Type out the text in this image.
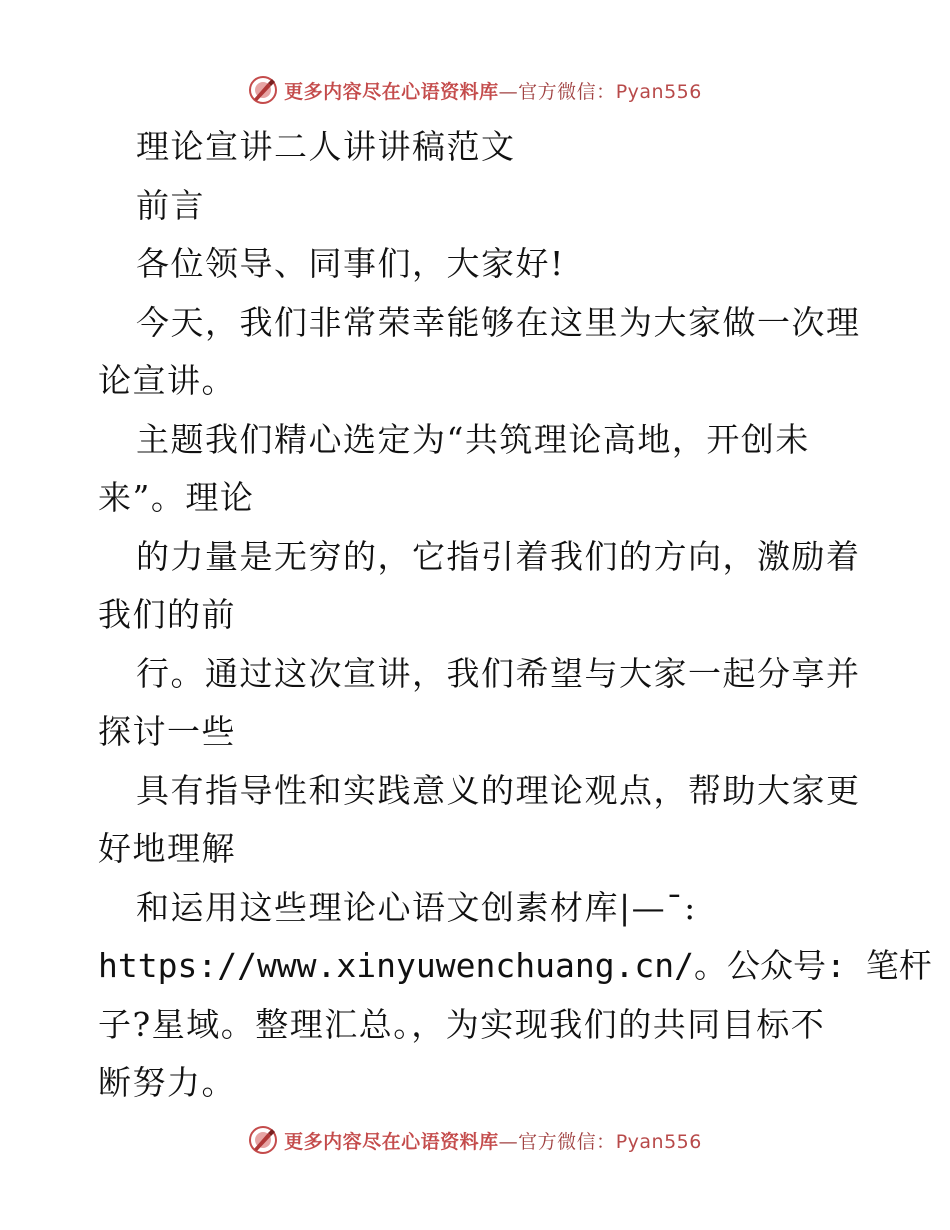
更多内容尽在心语资料库—官方微信：Pyan556
理论宣讲二人讲讲稿范文
前言
各位领导、同事们，大家好!
今天，我们非常荣幸能够在这里为大家做一次理
论宣讲。
主题我们精心选定为“共筑理论高地，开创未
来”。理论
的力量是无穷的，它指引着我们的方向，激励着
我们的前
行。通过这次宣讲，我们希望与大家一起分享并
探讨一些
具有指导性和实践意义的理论观点，帮助大家更
好地理解
和运用这些理论心语文创素材库|—¯:
https://www.xinyuwenchuang.cn/。公众号: 笔杆
子?星域。整理汇总。，为实现我们的共同目标不
断努力。
更多内容尽在心语资料库—官方微信：Pyan556
